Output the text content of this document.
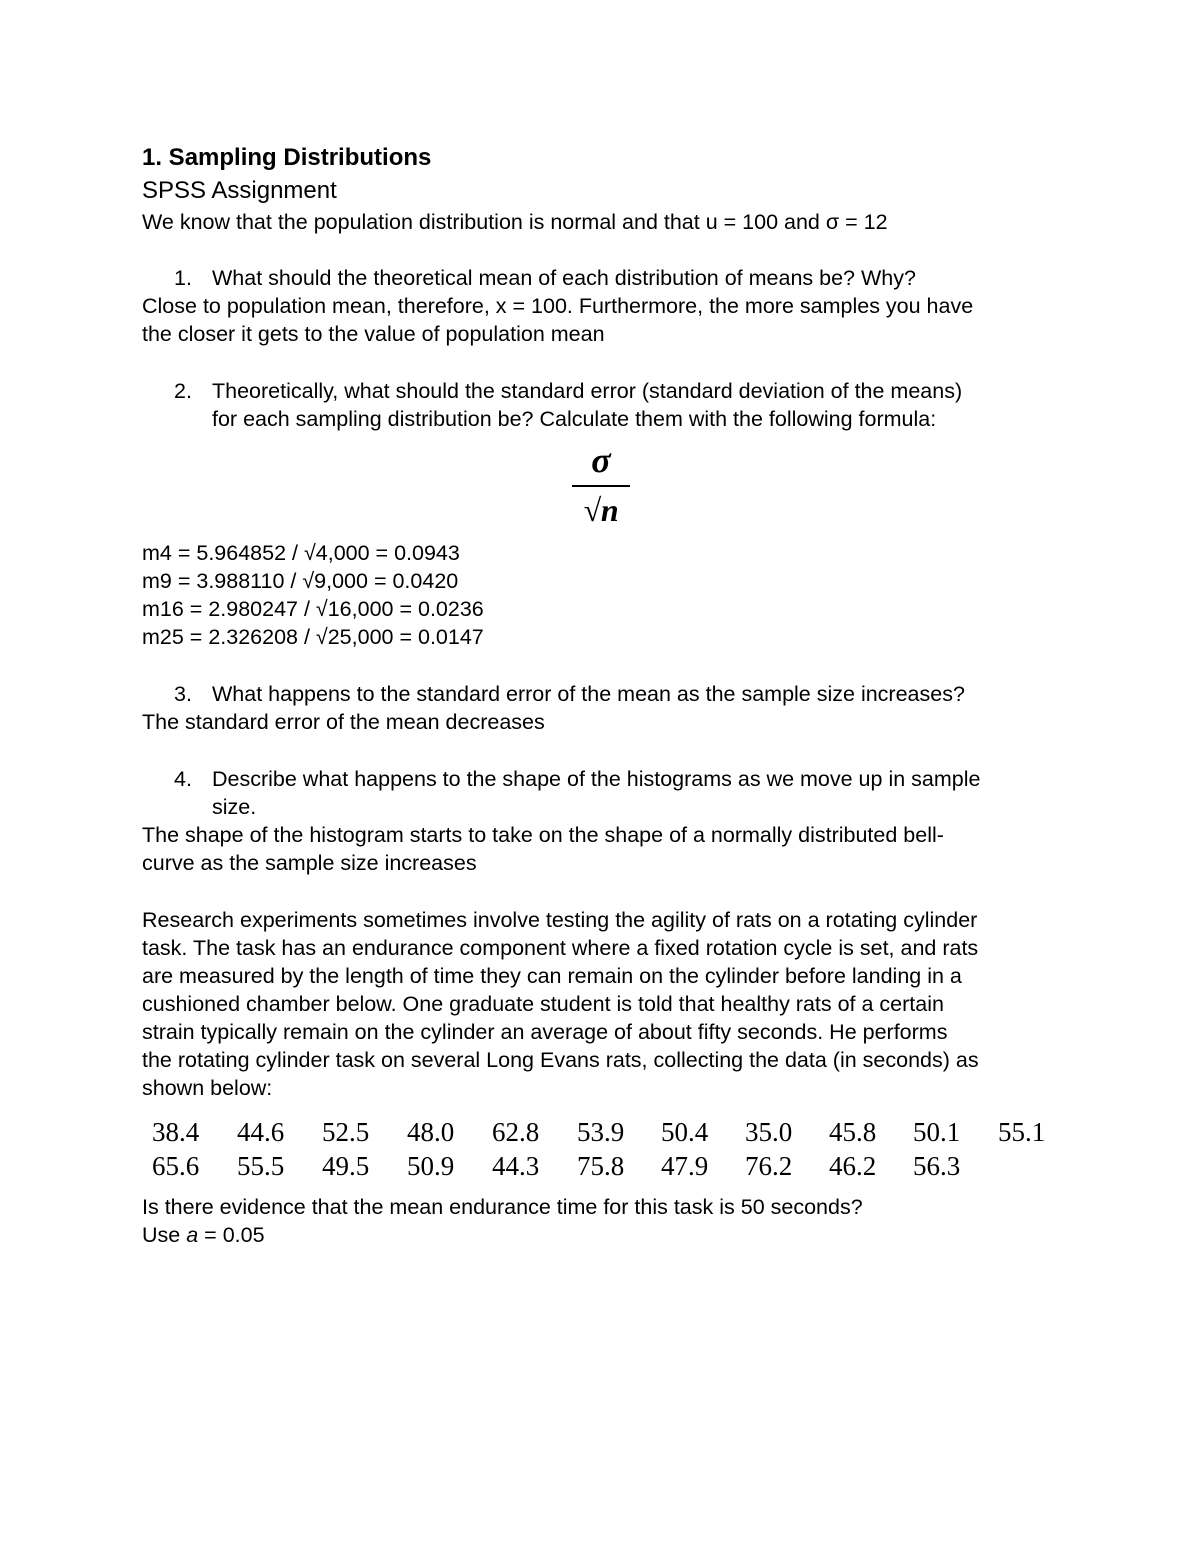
1. Sampling Distributions
SPSS Assignment
We know that the population distribution is normal and that u = 100 and σ = 12
1. What should the theoretical mean of each distribution of means be? Why?
Close to population mean, therefore, x = 100. Furthermore, the more samples you have
the closer it gets to the value of population mean
2. Theoretically, what should the standard error (standard deviation of the means)
for each sampling distribution be? Calculate them with the following formula:
σ
√n
m4 = 5.964852 / √4,000 = 0.0943
m9 = 3.988110 / √9,000 = 0.0420
m16 = 2.980247 / √16,000 = 0.0236
m25 = 2.326208 / √25,000 = 0.0147
3. What happens to the standard error of the mean as the sample size increases?
The standard error of the mean decreases
4. Describe what happens to the shape of the histograms as we move up in sample
size.
The shape of the histogram starts to take on the shape of a normally distributed bell-
curve as the sample size increases
Research experiments sometimes involve testing the agility of rats on a rotating cylinder
task. The task has an endurance component where a fixed rotation cycle is set, and rats
are measured by the length of time they can remain on the cylinder before landing in a
cushioned chamber below. One graduate student is told that healthy rats of a certain
strain typically remain on the cylinder an average of about fifty seconds. He performs
the rotating cylinder task on several Long Evans rats, collecting the data (in seconds) as
shown below:
38.4	44.6	52.5	48.0	62.8	53.9	50.4	35.0	45.8	50.1	55.1
65.6	55.5	49.5	50.9	44.3	75.8	47.9	76.2	46.2	56.3
Is there evidence that the mean endurance time for this task is 50 seconds?
Use a = 0.05
